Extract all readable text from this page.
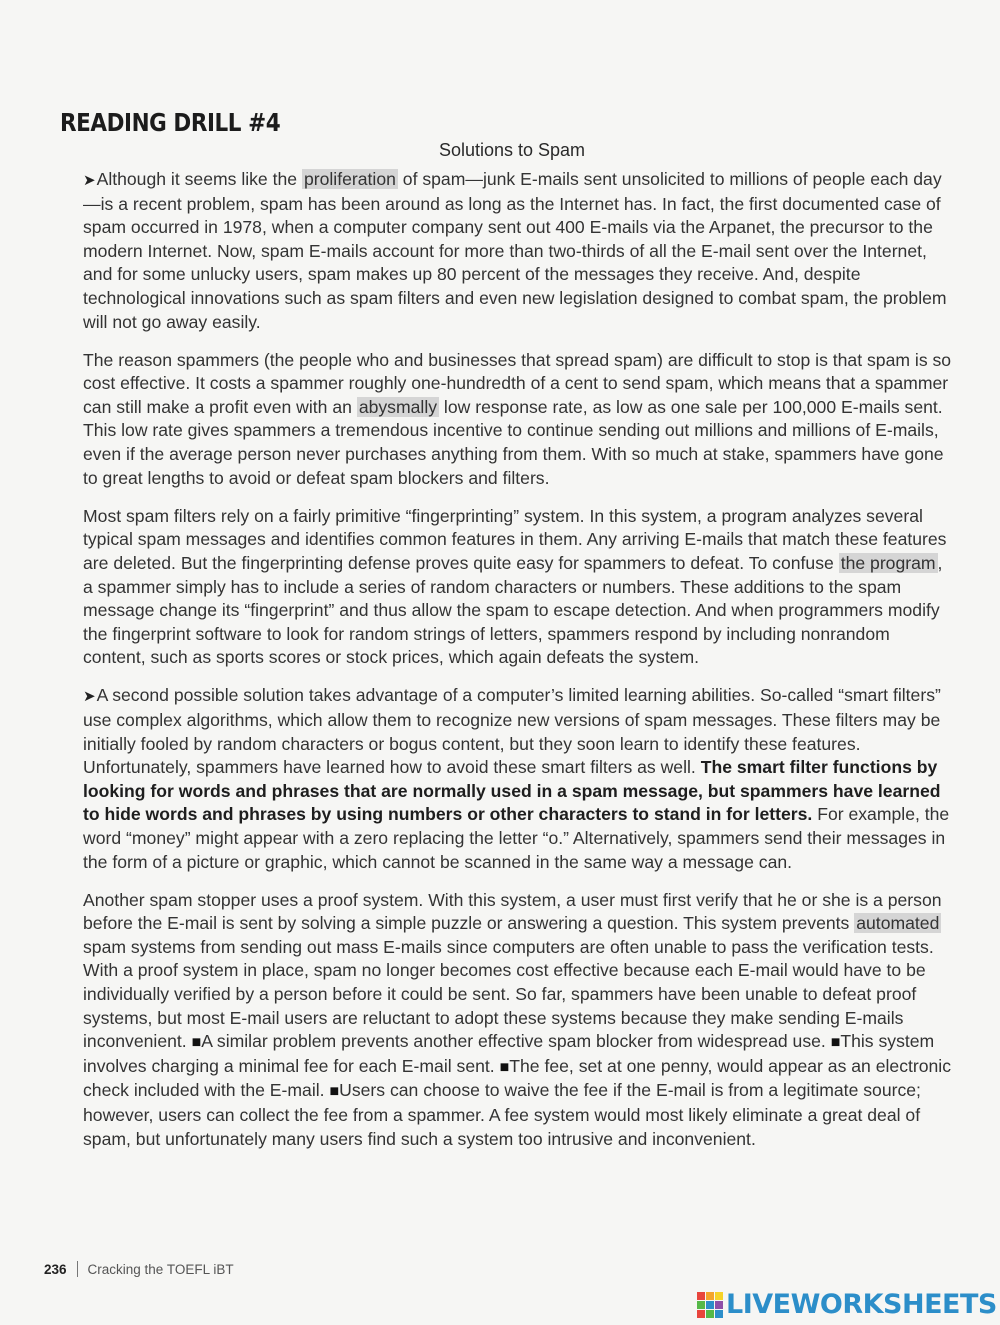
READING DRILL #4
Solutions to Spam

➤Although it seems like the proliferation of spam—junk E-mails sent unsolicited to millions of people each day—is a recent problem, spam has been around as long as the Internet has. In fact, the first documented case of spam occurred in 1978, when a computer company sent out 400 E-mails via the Arpanet, the precursor to the modern Internet. Now, spam E-mails account for more than two-thirds of all the E-mail sent over the Internet, and for some unlucky users, spam makes up 80 percent of the messages they receive. And, despite technological innovations such as spam filters and even new legislation designed to combat spam, the problem will not go away easily.

The reason spammers (the people who and businesses that spread spam) are difficult to stop is that spam is so cost effective. It costs a spammer roughly one-hundredth of a cent to send spam, which means that a spammer can still make a profit even with an abysmally low response rate, as low as one sale per 100,000 E-mails sent. This low rate gives spammers a tremendous incentive to continue sending out millions and millions of E-mails, even if the average person never purchases anything from them. With so much at stake, spammers have gone to great lengths to avoid or defeat spam blockers and filters.

Most spam filters rely on a fairly primitive “fingerprinting” system. In this system, a program analyzes several typical spam messages and identifies common features in them. Any arriving E-mails that match these features are deleted. But the fingerprinting defense proves quite easy for spammers to defeat. To confuse the program , a spammer simply has to include a series of random characters or numbers. These additions to the spam message change its “fingerprint” and thus allow the spam to escape detection. And when programmers modify the fingerprint software to look for random strings of letters, spammers respond by including nonrandom content, such as sports scores or stock prices, which again defeats the system.

➤A second possible solution takes advantage of a computer’s limited learning abilities. So-called “smart filters” use complex algorithms, which allow them to recognize new versions of spam messages. These filters may be initially fooled by random characters or bogus content, but they soon learn to identify these features. Unfortunately, spammers have learned how to avoid these smart filters as well. The smart filter functions by looking for words and phrases that are normally used in a spam message, but spammers have learned to hide words and phrases by using numbers or other characters to stand in for letters. For example, the word “money” might appear with a zero replacing the letter “o.” Alternatively, spammers send their messages in the form of a picture or graphic, which cannot be scanned in the same way a message can.

Another spam stopper uses a proof system. With this system, a user must first verify that he or she is a person before the E-mail is sent by solving a simple puzzle or answering a question. This system prevents automated spam systems from sending out mass E-mails since computers are often unable to pass the verification tests. With a proof system in place, spam no longer becomes cost effective because each E-mail would have to be individually verified by a person before it could be sent. So far, spammers have been unable to defeat proof systems, but most E-mail users are reluctant to adopt these systems because they make sending E-mails inconvenient. ■A similar problem prevents another effective spam blocker from widespread use. ■This system involves charging a minimal fee for each E-mail sent. ■The fee, set at one penny, would appear as an electronic check included with the E-mail. ■Users can choose to waive the fee if the E-mail is from a legitimate source; however, users can collect the fee from a spammer. A fee system would most likely eliminate a great deal of spam, but unfortunately many users find such a system too intrusive and inconvenient.

236 Cracking the TOEFL iBT
LIVEWORKSHEETS
